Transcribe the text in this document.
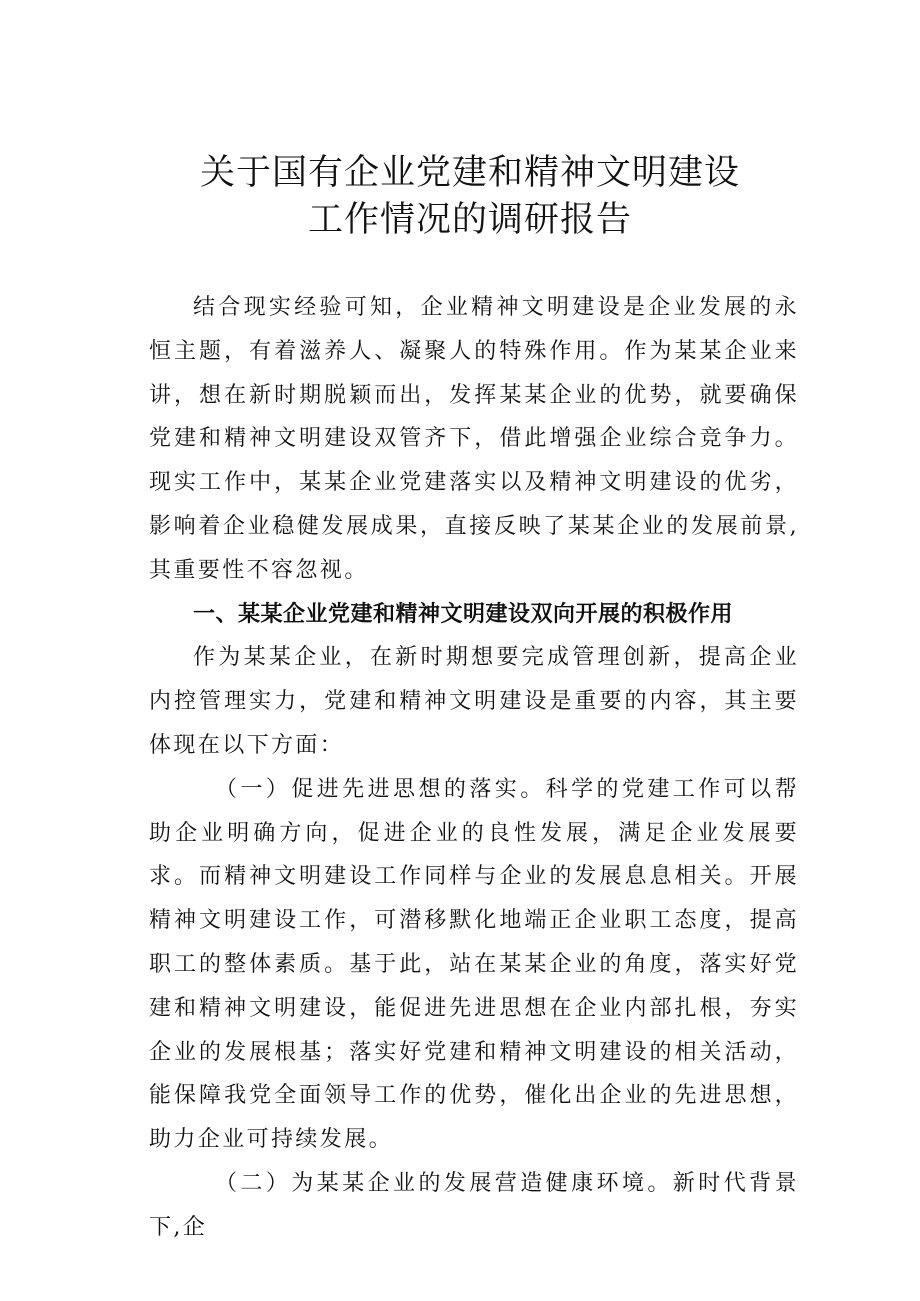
关于国有企业党建和精神文明建设
工作情况的调研报告

结合现实经验可知，企业精神文明建设是企业发展的永恒主题，有着滋养人、凝聚人的特殊作用。作为某某企业来讲，想在新时期脱颖而出，发挥某某企业的优势，就要确保党建和精神文明建设双管齐下，借此增强企业综合竞争力。现实工作中，某某企业党建落实以及精神文明建设的优劣，影响着企业稳健发展成果，直接反映了某某企业的发展前景,其重要性不容忽视。

一、某某企业党建和精神文明建设双向开展的积极作用

作为某某企业，在新时期想要完成管理创新，提高企业内控管理实力，党建和精神文明建设是重要的内容，其主要体现在以下方面：

（一）促进先进思想的落实。科学的党建工作可以帮助企业明确方向，促进企业的良性发展，满足企业发展要求。而精神文明建设工作同样与企业的发展息息相关。开展精神文明建设工作，可潜移默化地端正企业职工态度，提高职工的整体素质。基于此，站在某某企业的角度，落实好党建和精神文明建设，能促进先进思想在企业内部扎根，夯实企业的发展根基；落实好党建和精神文明建设的相关活动，能保障我党全面领导工作的优势，催化出企业的先进思想，助力企业可持续发展。

（二）为某某企业的发展营造健康环境。新时代背景下,企
